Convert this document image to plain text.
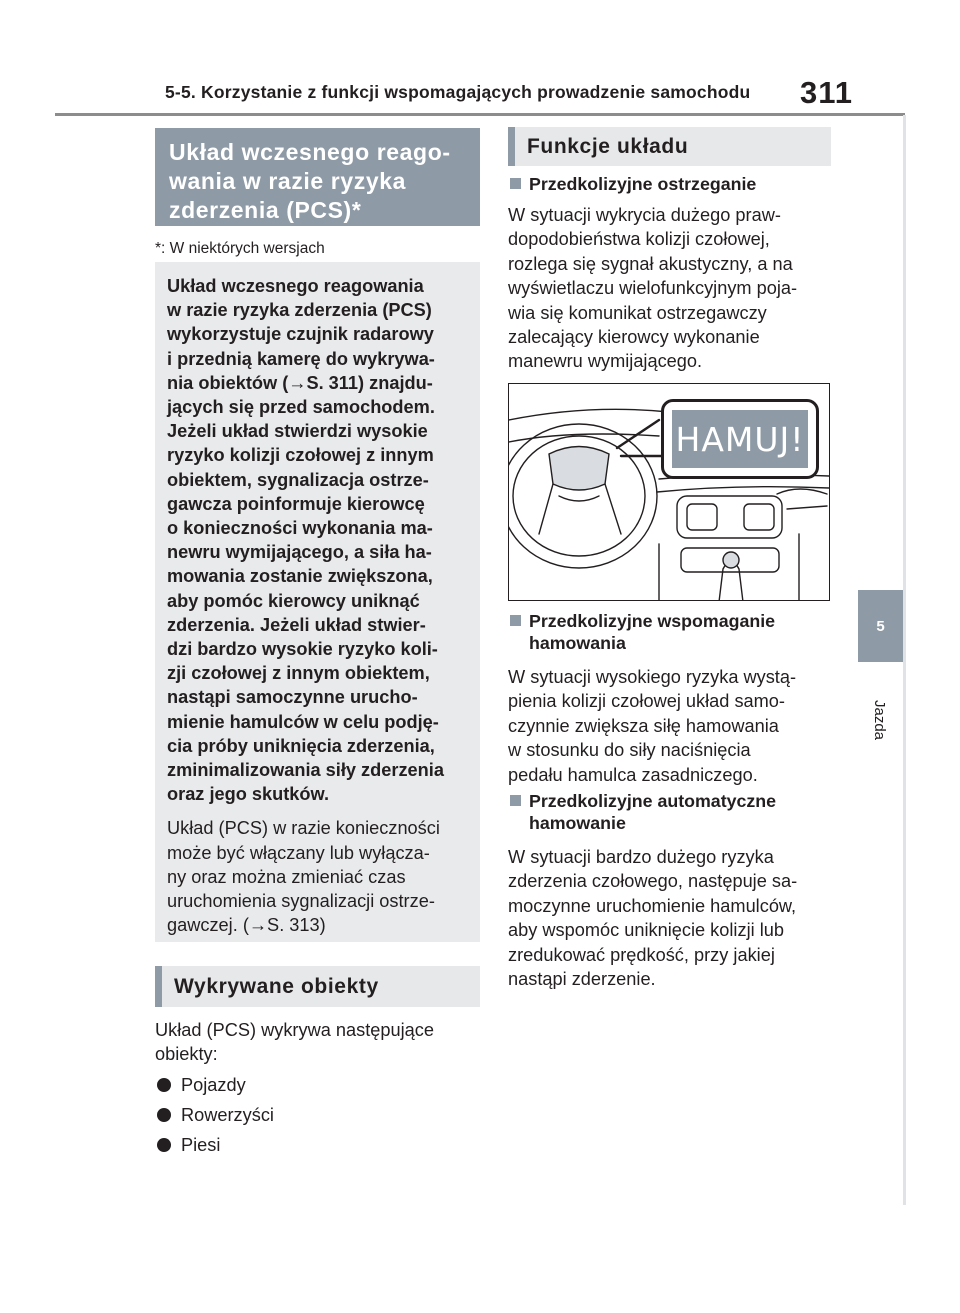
5-5. Korzystanie z funkcji wspomagających prowadzenie samochodu 311
5
Jazda
Układ wczesnego reago-
wania w razie ryzyka
zderzenia (PCS)*
*: W niektórych wersjach

Układ wczesnego reagowania
w razie ryzyka zderzenia (PCS)
wykorzystuje czujnik radarowy
i przednią kamerę do wykrywa-
nia obiektów (→S. 311) znajdu-
jących się przed samochodem.
Jeżeli układ stwierdzi wysokie
ryzyko kolizji czołowej z innym
obiektem, sygnalizacja ostrze-
gawcza poinformuje kierowcę
o konieczności wykonania ma-
newru wymijającego, a siła ha-
mowania zostanie zwiększona,
aby pomóc kierowcy uniknąć
zderzenia. Jeżeli układ stwier-
dzi bardzo wysokie ryzyko koli-
zji czołowej z innym obiektem,
nastąpi samoczynne urucho-
mienie hamulców w celu podję-
cia próby uniknięcia zderzenia,
zminimalizowania siły zderzenia
oraz jego skutków.

Układ (PCS) w razie konieczności
może być włączany lub wyłącza-
ny oraz można zmieniać czas
uruchomienia sygnalizacji ostrze-
gawczej. (→S. 313)

Wykrywane obiekty
Układ (PCS) wykrywa następujące
obiekty:
Pojazdy
Rowerzyści
Piesi
Funkcje układu
Przedkolizyjne ostrzeganie
W sytuacji wykrycia dużego praw-
dopodobieństwa kolizji czołowej,
rozlega się sygnał akustyczny, a na
wyświetlaczu wielofunkcyjnym poja-
wia się komunikat ostrzegawczy
zalecający kierowcy wykonanie
manewru wymijającego.
HAMUJ!
Przedkolizyjne wspomaganie
hamowania
W sytuacji wysokiego ryzyka wystą-
pienia kolizji czołowej układ samo-
czynnie zwiększa siłę hamowania
w stosunku do siły naciśnięcia
pedału hamulca zasadniczego.
Przedkolizyjne automatyczne
hamowanie
W sytuacji bardzo dużego ryzyka
zderzenia czołowego, następuje sa-
moczynne uruchomienie hamulców,
aby wspomóc uniknięcie kolizji lub
zredukować prędkość, przy jakiej
nastąpi zderzenie.
